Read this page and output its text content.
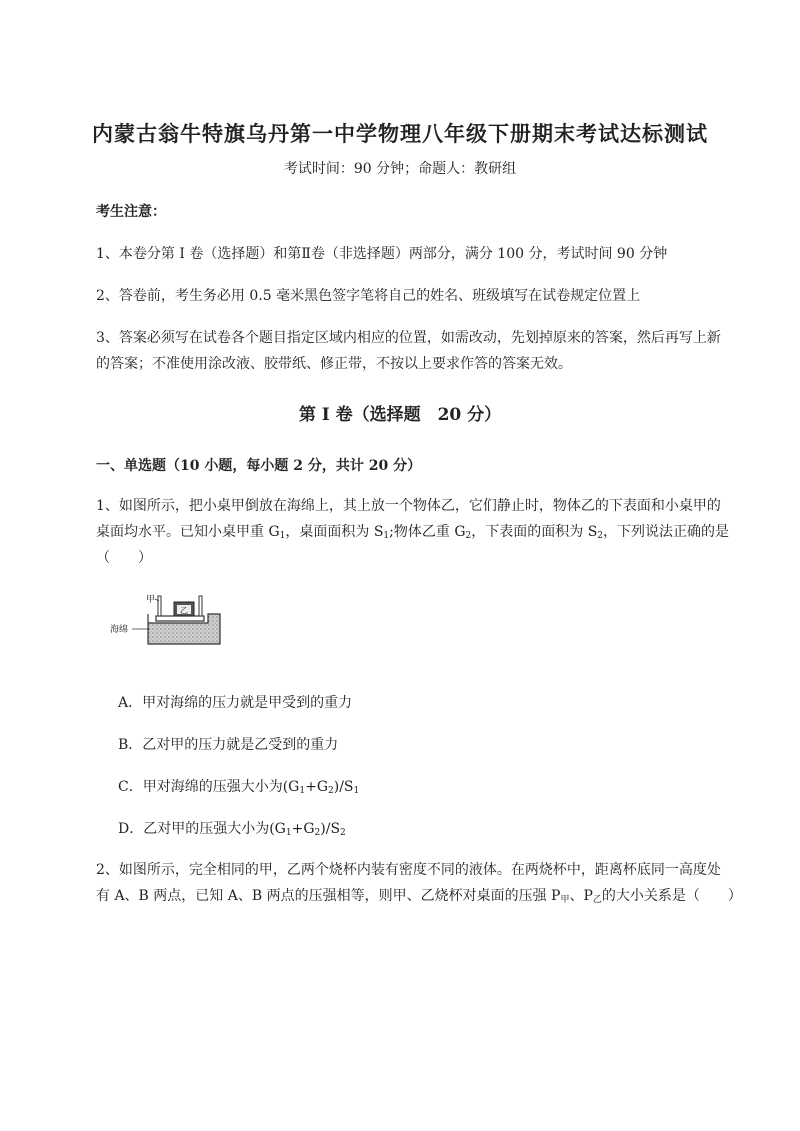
内蒙古翁牛特旗乌丹第一中学物理八年级下册期末考试达标测试
考试时间：90 分钟；命题人：教研组
考生注意：
1、本卷分第 I 卷（选择题）和第Ⅱ卷（非选择题）两部分，满分 100 分，考试时间 90 分钟
2、答卷前，考生务必用 0.5 毫米黑色签字笔将自己的姓名、班级填写在试卷规定位置上
3、答案必须写在试卷各个题目指定区域内相应的位置，如需改动，先划掉原来的答案，然后再写上新
的答案；不准使用涂改液、胶带纸、修正带，不按以上要求作答的答案无效。
第 I 卷（选择题　20 分）
一、单选题（10 小题，每小题 2 分，共计 20 分）
1、如图所示，把小桌甲倒放在海绵上，其上放一个物体乙，它们静止时，物体乙的下表面和小桌甲的
桌面均水平。已知小桌甲重 $G_1$，桌面面积为 $S_1$;物体乙重 $G_2$，下表面的面积为 $S_2$，下列说法正确的是
（　　）
乙
甲
海绵
A．甲对海绵的压力就是甲受到的重力
B．乙对甲的压力就是乙受到的重力
C．甲对海绵的压强大小为$(G_1+G_2)/S_1$
D．乙对甲的压强大小为$(G_1+G_2)/S_2$
2、如图所示，完全相同的甲，乙两个烧杯内装有密度不同的液体。在两烧杯中，距离杯底同一高度处
有 A、B 两点，已知 A、B 两点的压强相等，则甲、乙烧杯对桌面的压强 $P_甲$、$P_乙$的大小关系是（　　）
